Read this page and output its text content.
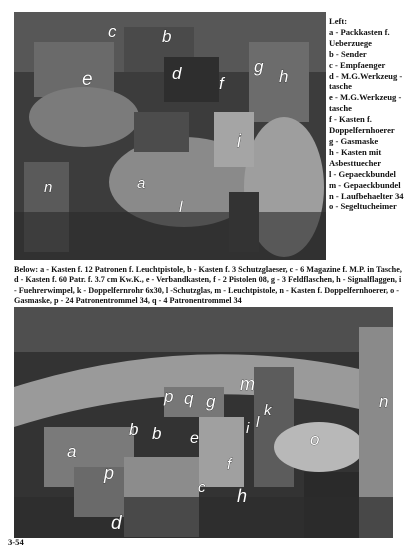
c	b
e	d
f
g
h
i
a
n
l
Left:
a - Packkasten f. Ueberzuege
b - Sender
c - Empfaenger
d - M.G.Werkzeug -tasche
e - M.G.Werkzeug -tasche
f - Kasten f. Doppelfernhoerer
g - Gasmaske
h - Kasten mit Asbesttuecher
l - Gepaeckbundel
m - Gepaeckbundel
n - Laufbehaelter 34
o - Segeltucheimer
Below: a - Kasten f. 12 Patronen f. Leuchtpistole, b - Kasten f. 3 Schutzglaeser, c - 6 Magazine f. M.P. in Tasche, d - Kasten f. 60 Patr. f. 3.7 cm Kw.K., e - Verbandkasten, f - 2 Pistolen 08, g - 3 Feldflaschen, h - Signalflaggen, i - Fuehrerwimpel, k - Doppelfernrohr 6x30, l -Schutzglas, m - Leuchtpistole, n - Kasten f. Doppelfernhoerer, o - Gasmaske, p - 24 Patronentrommel 34, q - 4 Patronentrommel 34
m
n
p q g	k
l
i
b b e	o
a
p	f
c h
d
3-54
